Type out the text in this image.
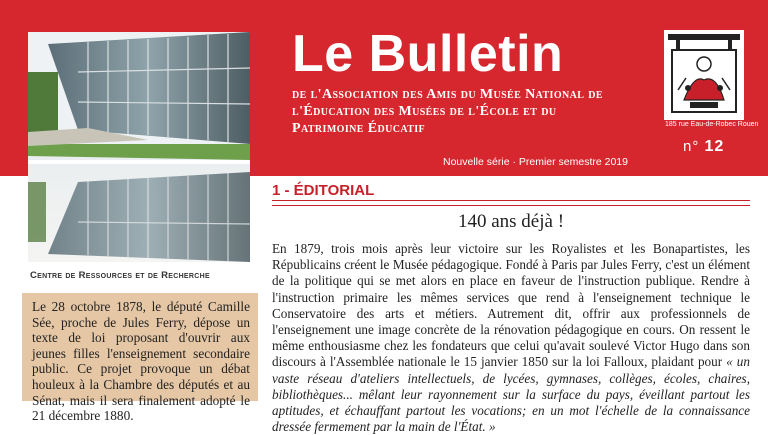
Centre de Ressources et de Recherche
Le 28 octobre 1878, le député Camille Sée, proche de Jules Ferry, dépose un texte de loi proposant d'ouvrir aux jeunes filles l'enseignement secondaire public. Ce projet provoque un débat houleux à la Chambre des députés et au Sénat, mais il sera finalement adopté le 21 décembre 1880.
Le Bulletin
de l'Association des Amis du Musée National de l'Éducation des Musées de l'École et du Patrimoine Éducatif
Nouvelle série · Premier semestre 2019
n° 12
185 rue Eau-de-Robec Rouen
1 - ÉDITORIAL
140 ans déjà !
En 1879, trois mois après leur victoire sur les Royalistes et les Bonapartistes, les Républicains créent le Musée pédagogique. Fondé à Paris par Jules Ferry, c'est un élément de la politique qui se met alors en place en faveur de l'instruction publique. Rendre à l'instruction primaire les mêmes services que rend à l'enseignement technique le Conservatoire des arts et métiers. Autrement dit, offrir aux professionnels de l'enseignement une image concrète de la rénovation pédagogique en cours. On ressent le même enthousiasme chez les fondateurs que celui qu'avait soulevé Victor Hugo dans son discours à l'Assemblée nationale le 15 janvier 1850 sur la loi Falloux, plaidant pour « un vaste réseau d'ateliers intellectuels, de lycées, gymnases, collèges, écoles, chaires, bibliothèques... mêlant leur rayonnement sur la surface du pays, éveillant partout les aptitudes, et échauffant partout les vocations; en un mot l'échelle de la connaissance dressée fermement par la main de l'État. »
